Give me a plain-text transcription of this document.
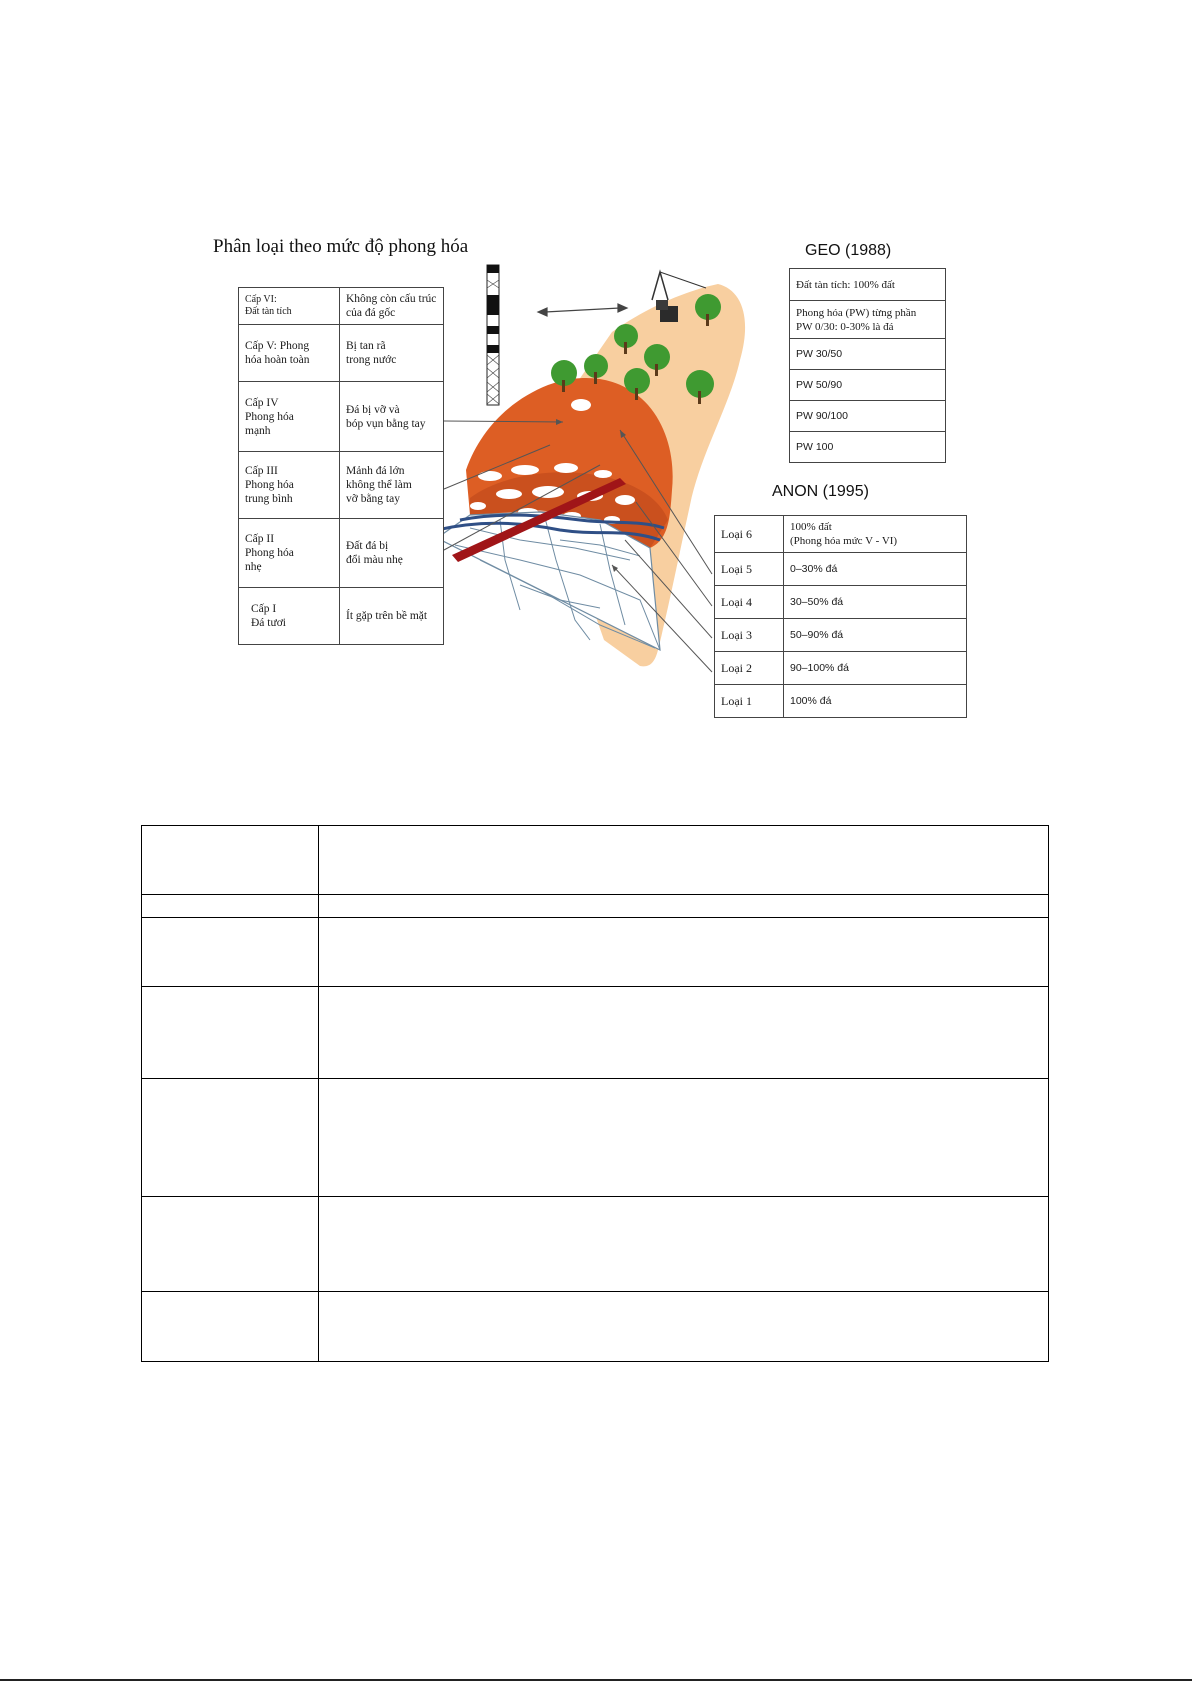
Phân loại theo mức độ phong hóa
Cấp VI:
Đất tàn tích	Không còn cấu trúc
của đá gốc
Cấp V: Phong
hóa hoàn toàn	Bị tan rã
trong nước
Cấp IV
Phong hóa
mạnh	Đá bị vỡ và
bóp vụn bằng tay
Cấp III
Phong hóa
trung bình	Mảnh đá lớn
không thể làm
vỡ bằng tay
Cấp II
Phong hóa
nhẹ	Đất đá bị
đổi màu nhẹ
Cấp I
Đá tươi	Ít gặp trên bề mặt
GEO (1988)
Đất tàn tích: 100% đất
Phong hóa (PW) từng phần
PW 0/30: 0-30% là đá
PW 30/50
PW 50/90
PW 90/100
PW 100
ANON (1995)
Loại 6	100% đất
(Phong hóa mức V - VI)
Loại 5	0–30% đá
Loại 4	30–50% đá
Loại 3	50–90% đá
Loại 2	90–100% đá
Loại 1	100% đá
